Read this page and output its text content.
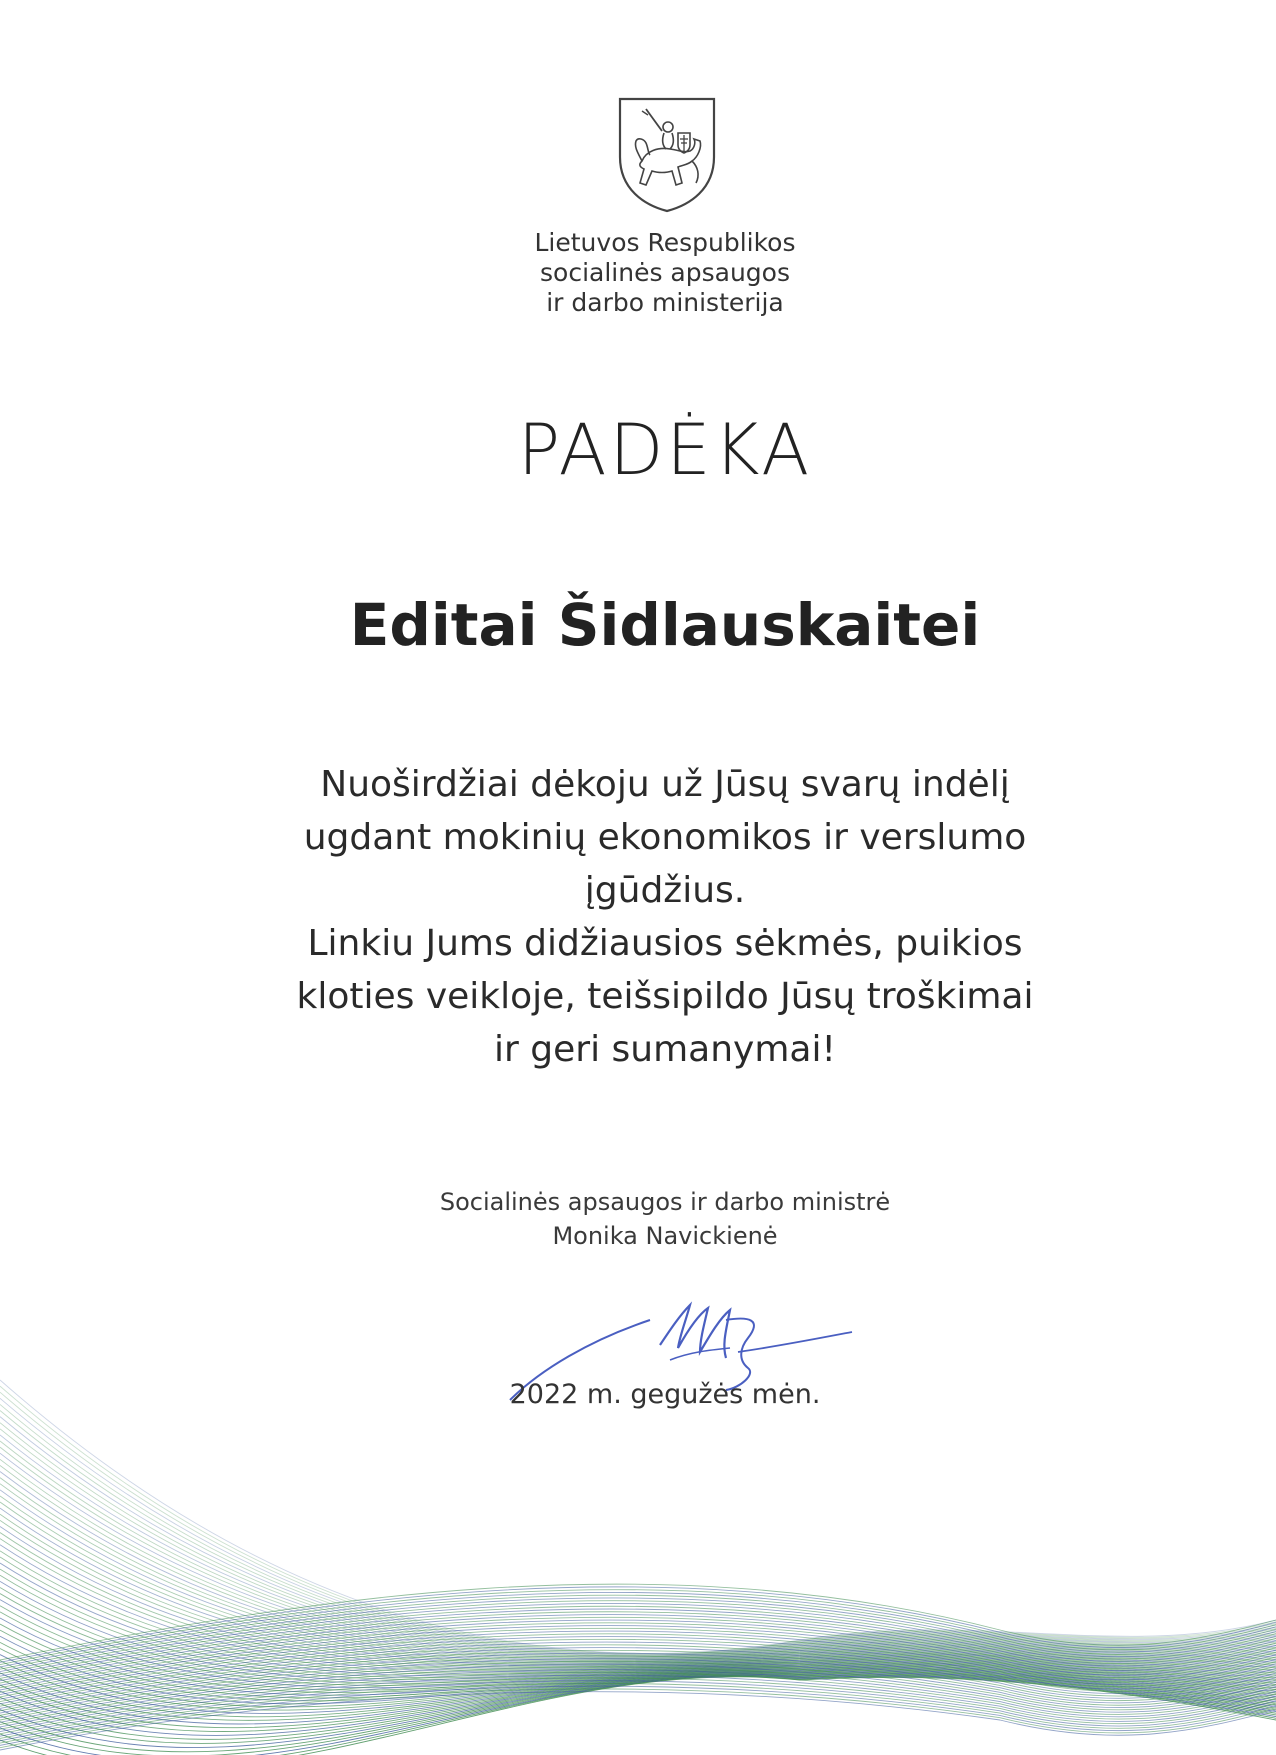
Lietuvos Respublikos
socialinės apsaugos
ir darbo ministerija
PADĖKA
Editai Šidlauskaitei
Nuoširdžiai dėkoju už Jūsų svarų indėlį
ugdant mokinių ekonomikos ir verslumo
įgūdžius.
Linkiu Jums didžiausios sėkmės, puikios
kloties veikloje, teišsipildo Jūsų troškimai
ir geri sumanymai!
Socialinės apsaugos ir darbo ministrė
Monika Navickienė
2022 m. gegužės mėn.
